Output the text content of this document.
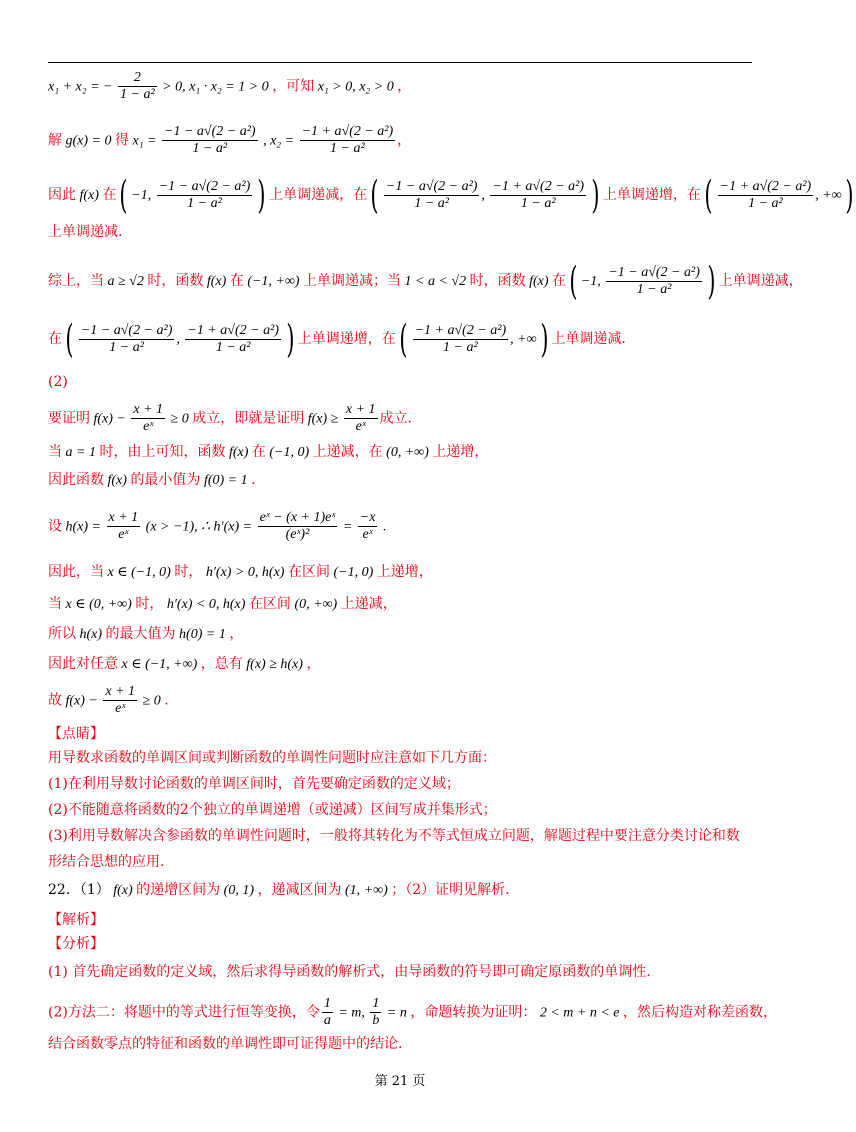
x₁ + x₂ = − $\frac{2}{\text{1 − a²}} > 0$, x₁ · x₂ = 1 > 0 ，可知 x₁ > 0, x₂ > 0 ，
解 g(x) = 0 得 $x_1 = \frac{\text{−1 − a√(2 − a²)}}{\text{1 − a²}}$ , $x_2 = \frac{\text{−1 + a√(2 − a²)}}{\text{1 − a²}}$ ，
因此 f(x) 在( −1, $\frac{\text{−1 − a√(2 − a²)}}{\text{1 − a²}}$ ) 上单调递减，在( $\frac{\text{−1 − a√(2 − a²)}}{\text{1 − a²}}$ , $\frac{\text{−1 + a√(2 − a²)}}{\text{1 − a²}}$ ) 上单调递增，在( $\frac{\text{−1 + a√(2 − a²)}}{\text{1 − a²}}$ , +∞)
上单调递减.
综上，当 a ≥ √2 时，函数 f(x) 在 (−1, +∞) 上单调递减；当 1 < a < √2 时，函数 f(x) 在( −1, $\frac{\text{−1 − a√(2 − a²)}}{\text{1 − a²}}$ ) 上单调递减，
在( $\frac{\text{−1 − a√(2 − a²)}}{\text{1 − a²}}$ , $\frac{\text{−1 + a√(2 − a²)}}{\text{1 − a²}}$ ) 上单调递增，在( $\frac{\text{−1 + a√(2 − a²)}}{\text{1 − a²}}$ , +∞) 上单调递减.
(2)
要证明 $f(x) - \frac{x + 1}{\text{eˣ}} \ge 0$ 成立，即就是证明 $f(x) \ge \frac{x + 1}{\text{eˣ}}$ 成立.
当 a = 1 时，由上可知，函数 f(x) 在 (−1, 0) 上递减，在 (0, +∞) 上递增，
因此函数 f(x) 的最小值为 f(0) = 1 .
设 $h(x) = \frac{x + 1}{\text{eˣ}} (x > -1)$, ∴ $h'(x) = \frac{\text{eˣ − (x + 1)eˣ}}{\text{(eˣ)²}} = \frac{-x}{\text{eˣ}}$ .
因此，当 x ∈ (−1, 0) 时， h′(x) > 0, h(x) 在区间 (−1, 0) 上递增，
当 x ∈ (0, +∞) 时， h′(x) < 0, h(x) 在区间 (0, +∞) 上递减，
所以 h(x) 的最大值为 h(0) = 1 ，
因此对任意 x ∈ (−1, +∞) ，总有 f(x) ≥ h(x) ，
故 $f(x) - \frac{x + 1}{\text{eˣ}} \ge 0$ .
【点睛】
用导数求函数的单调区间或判断函数的单调性问题时应注意如下几方面：
(1)在利用导数讨论函数的单调区间时，首先要确定函数的定义域；
(2)不能随意将函数的2个独立的单调递增（或递减）区间写成并集形式；
(3)利用导数解决含参函数的单调性问题时，一般将其转化为不等式恒成立问题，解题过程中要注意分类讨论和数
形结合思想的应用.
22．（1） f(x) 的递增区间为 (0, 1) ，递减区间为 (1, +∞) ；（2）证明见解析.
【解析】
【分析】
(1) 首先确定函数的定义域，然后求得导函数的解析式，由导函数的符号即可确定原函数的单调性.
(2)方法二：将题中的等式进行恒等变换，令 $\frac{1}{a} = m$, $\frac{1}{b} = n$ ，命题转换为证明： 2 < m + n < e ，然后构造对称差函数，
结合函数零点的特征和函数的单调性即可证得题中的结论.
第 21 页
